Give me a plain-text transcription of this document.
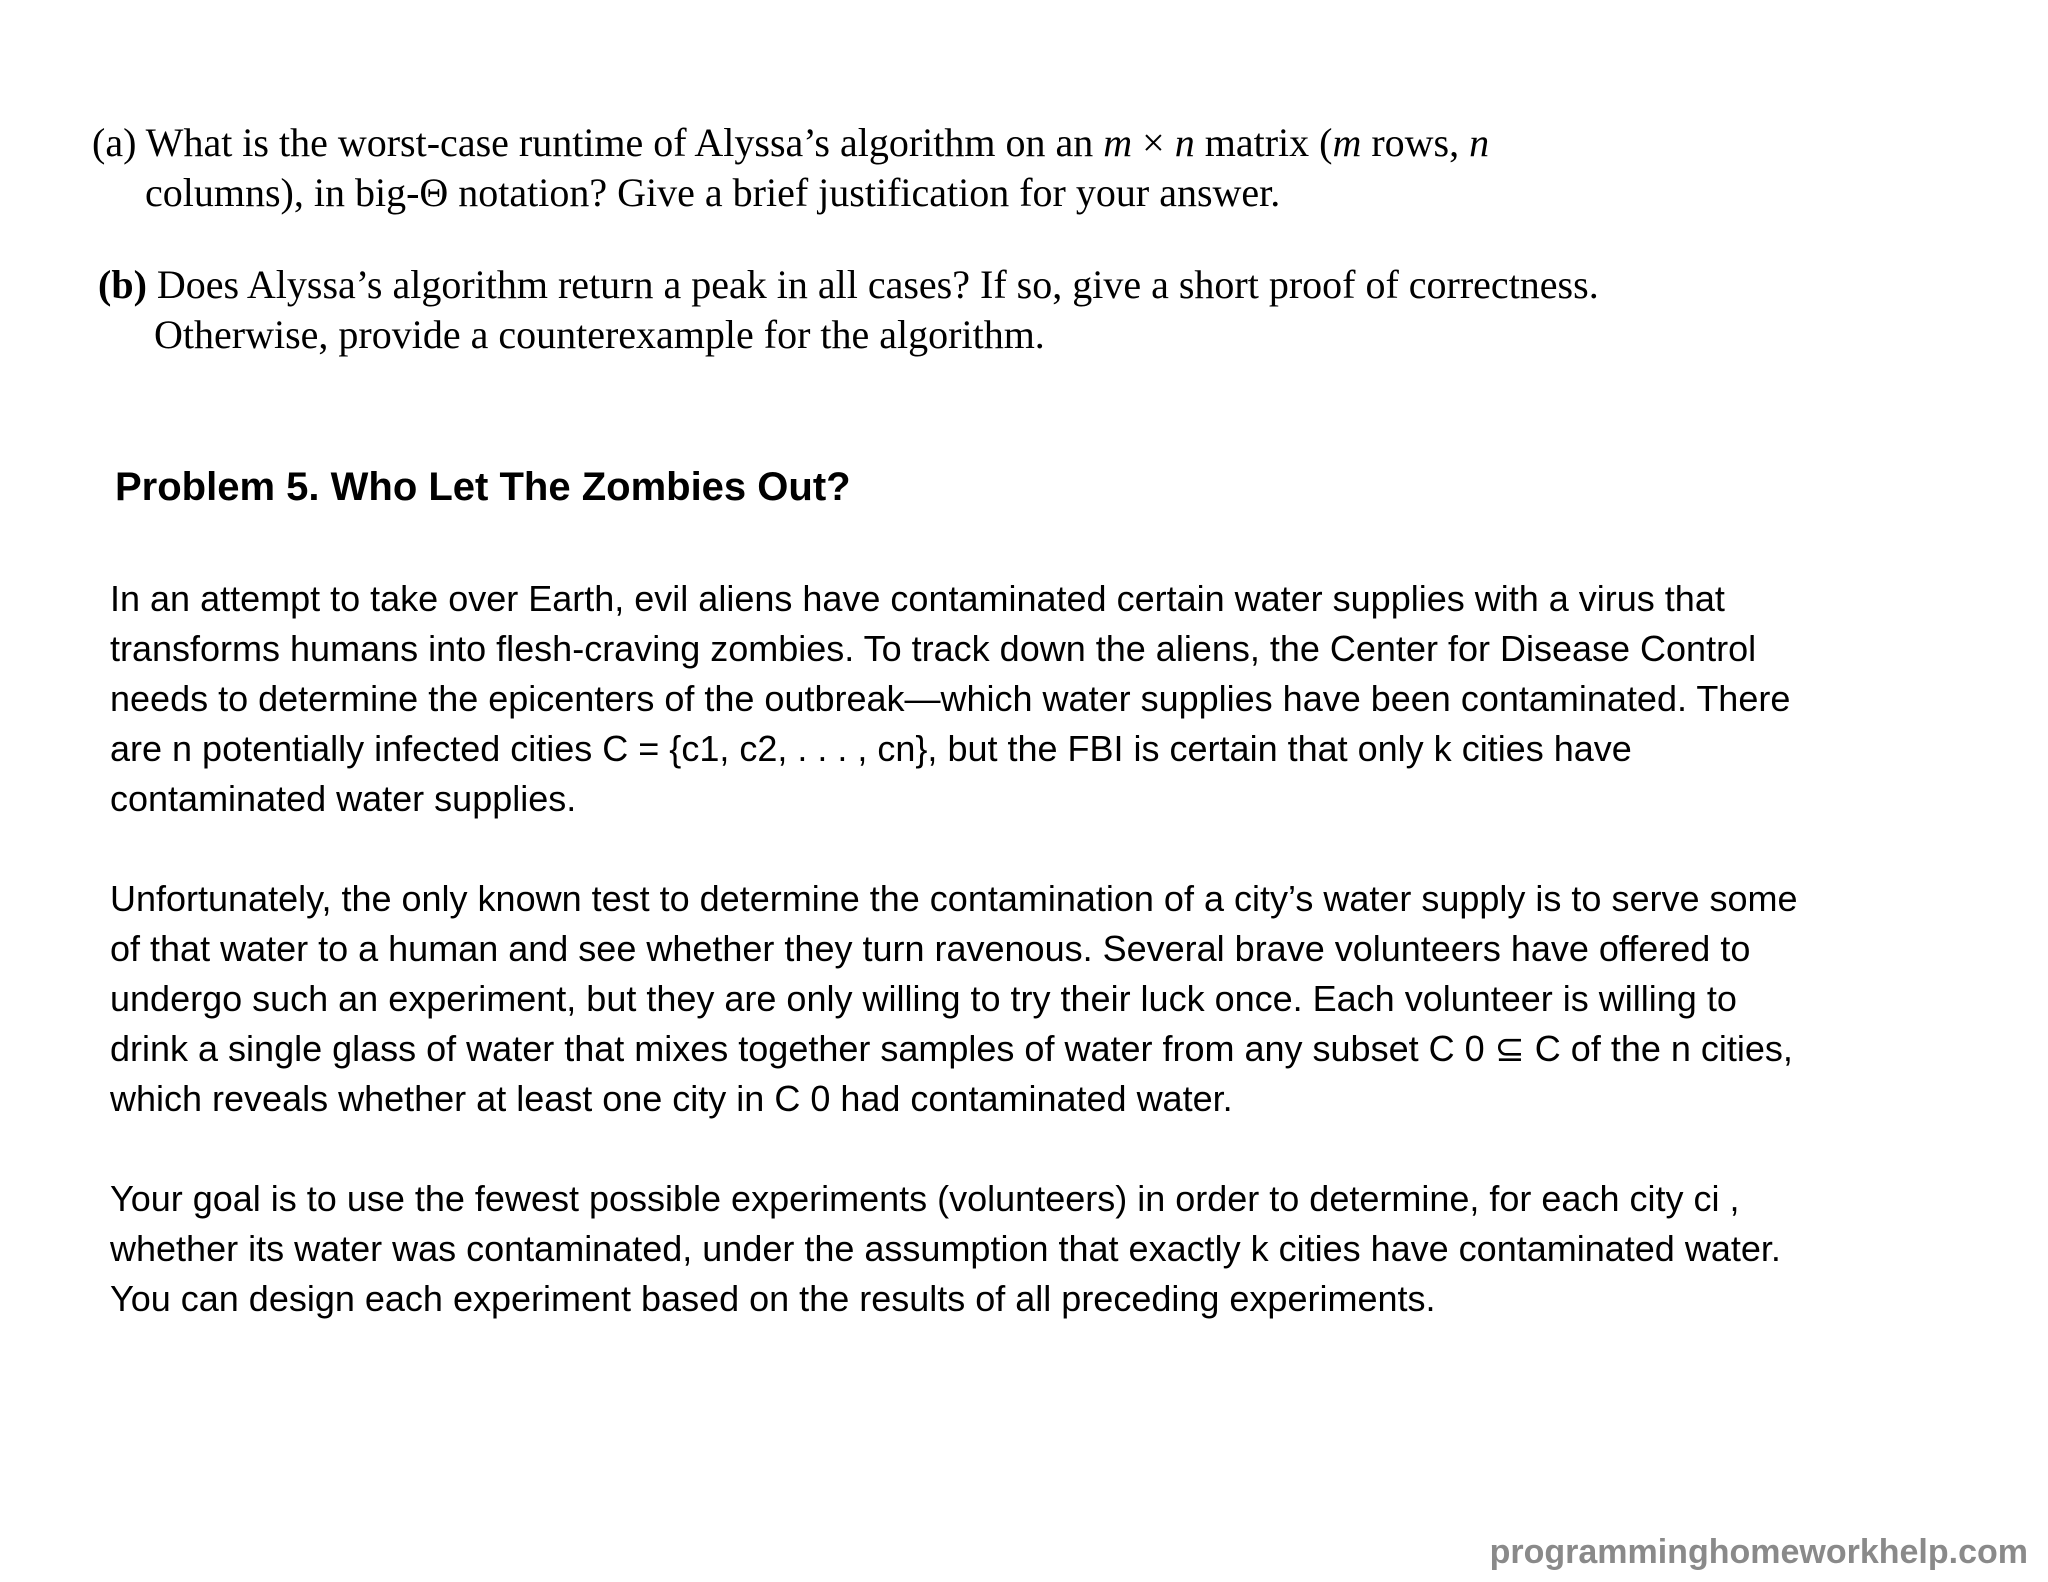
(a) What is the worst-case runtime of Alyssa’s algorithm on an m × n matrix (m rows, n
columns), in big-Θ notation? Give a brief justification for your answer.
(b) Does Alyssa’s algorithm return a peak in all cases? If so, give a short proof of correctness.
Otherwise, provide a counterexample for the algorithm.
Problem 5. Who Let The Zombies Out?
In an attempt to take over Earth, evil aliens have contaminated certain water supplies with a virus that
transforms humans into flesh-craving zombies. To track down the aliens, the Center for Disease Control
needs to determine the epicenters of the outbreak—which water supplies have been contaminated. There
are n potentially infected cities C = {c1, c2, . . . , cn}, but the FBI is certain that only k cities have
contaminated water supplies.
Unfortunately, the only known test to determine the contamination of a city’s water supply is to serve some
of that water to a human and see whether they turn ravenous. Several brave volunteers have offered to
undergo such an experiment, but they are only willing to try their luck once. Each volunteer is willing to
drink a single glass of water that mixes together samples of water from any subset C 0 ⊆ C of the n cities,
which reveals whether at least one city in C 0 had contaminated water.
Your goal is to use the fewest possible experiments (volunteers) in order to determine, for each city ci ,
whether its water was contaminated, under the assumption that exactly k cities have contaminated water.
You can design each experiment based on the results of all preceding experiments.
programminghomeworkhelp.com
